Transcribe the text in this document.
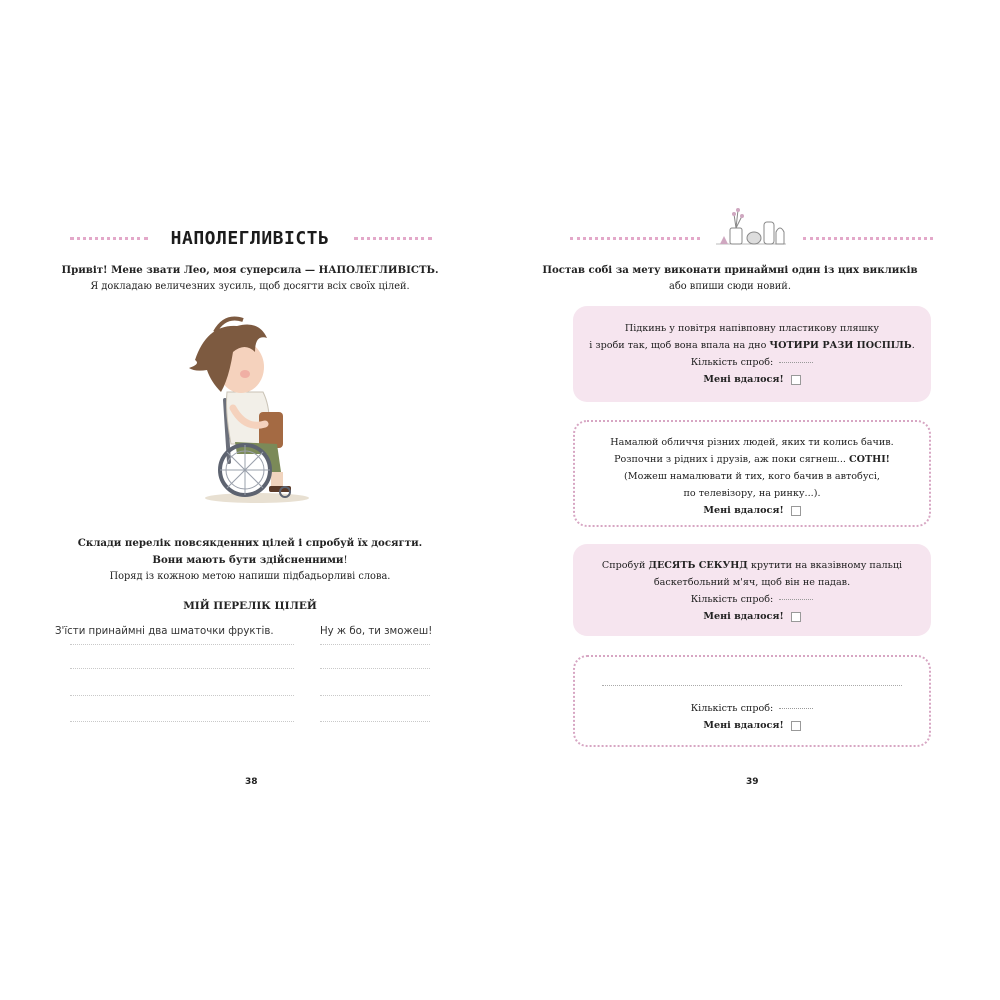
НАПОЛЕГЛИВІСТЬ
Привіт! Мене звати Лео, моя суперсила — НАПОЛЕГЛИВІСТЬ.
Я докладаю величезних зусиль, щоб досягти всіх своїх цілей.
Склади перелік повсякденних цілей і спробуй їх досягти.
Вони мають бути здійсненними!
Поряд із кожною метою напиши підбадьорливі слова.
МІЙ ПЕРЕЛІК ЦІЛЕЙ
З'їсти принаймні два шматочки фруктів.	Ну ж бо, ти зможеш!
38
Постав собі за мету виконати принаймні один із цих викликів
або впиши сюди новий.
Підкинь у повітря напівповну пластикову пляшку
і зроби так, щоб вона впала на дно ЧОТИРИ РАЗИ ПОСПІЛЬ.
Кількість спроб:
Мені вдалося!
Намалюй обличчя різних людей, яких ти колись бачив.
Розпочни з рідних і друзів, аж поки сягнеш... СОТНІ!
(Можеш намалювати й тих, кого бачив в автобусі,
по телевізору, на ринку...).
Мені вдалося!
Спробуй ДЕСЯТЬ СЕКУНД крутити на вказівному пальці
баскетбольний м'яч, щоб він не падав.
Кількість спроб:
Мені вдалося!
Кількість спроб:
Мені вдалося!
39
